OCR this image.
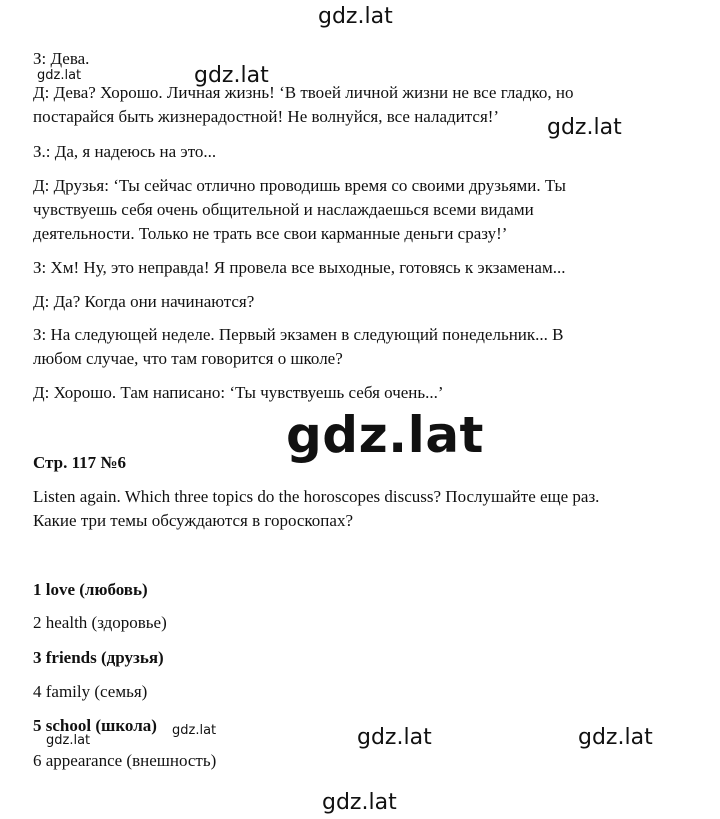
З: Дева.

Д: Дева? Хорошо. Личная жизнь! ‘В твоей личной жизни не все гладко, но

постарайся быть жизнерадостной! Не волнуйся, все наладится!’

З.: Да, я надеюсь на это...

Д: Друзья: ‘Ты сейчас отлично проводишь время со своими друзьями. Ты

чувствуешь себя очень общительной и наслаждаешься всеми видами

деятельности. Только не трать все свои карманные деньги сразу!’

З: Хм! Ну, это неправда! Я провела все выходные, готовясь к экзаменам...

Д: Да? Когда они начинаются?

З: На следующей неделе. Первый экзамен в следующий понедельник... В

любом случае, что там говорится о школе?

Д: Хорошо. Там написано: ‘Ты чувствуешь себя очень...’

Стр. 117 №6

Listen again. Which three topics do the horoscopes discuss? Послушайте еще раз.

Какие три темы обсуждаются в гороскопах?

1 love (любовь)

2 health (здоровье)

3 friends (друзья)

4 family (семья)

5 school (школа)

6 appearance (внешность)

gdz.lat
gdz.lat	gdz.lat
gdz.lat
gdz.lat
gdz.lat
gdz.lat	gdz.lat	gdz.lat
gdz.lat
